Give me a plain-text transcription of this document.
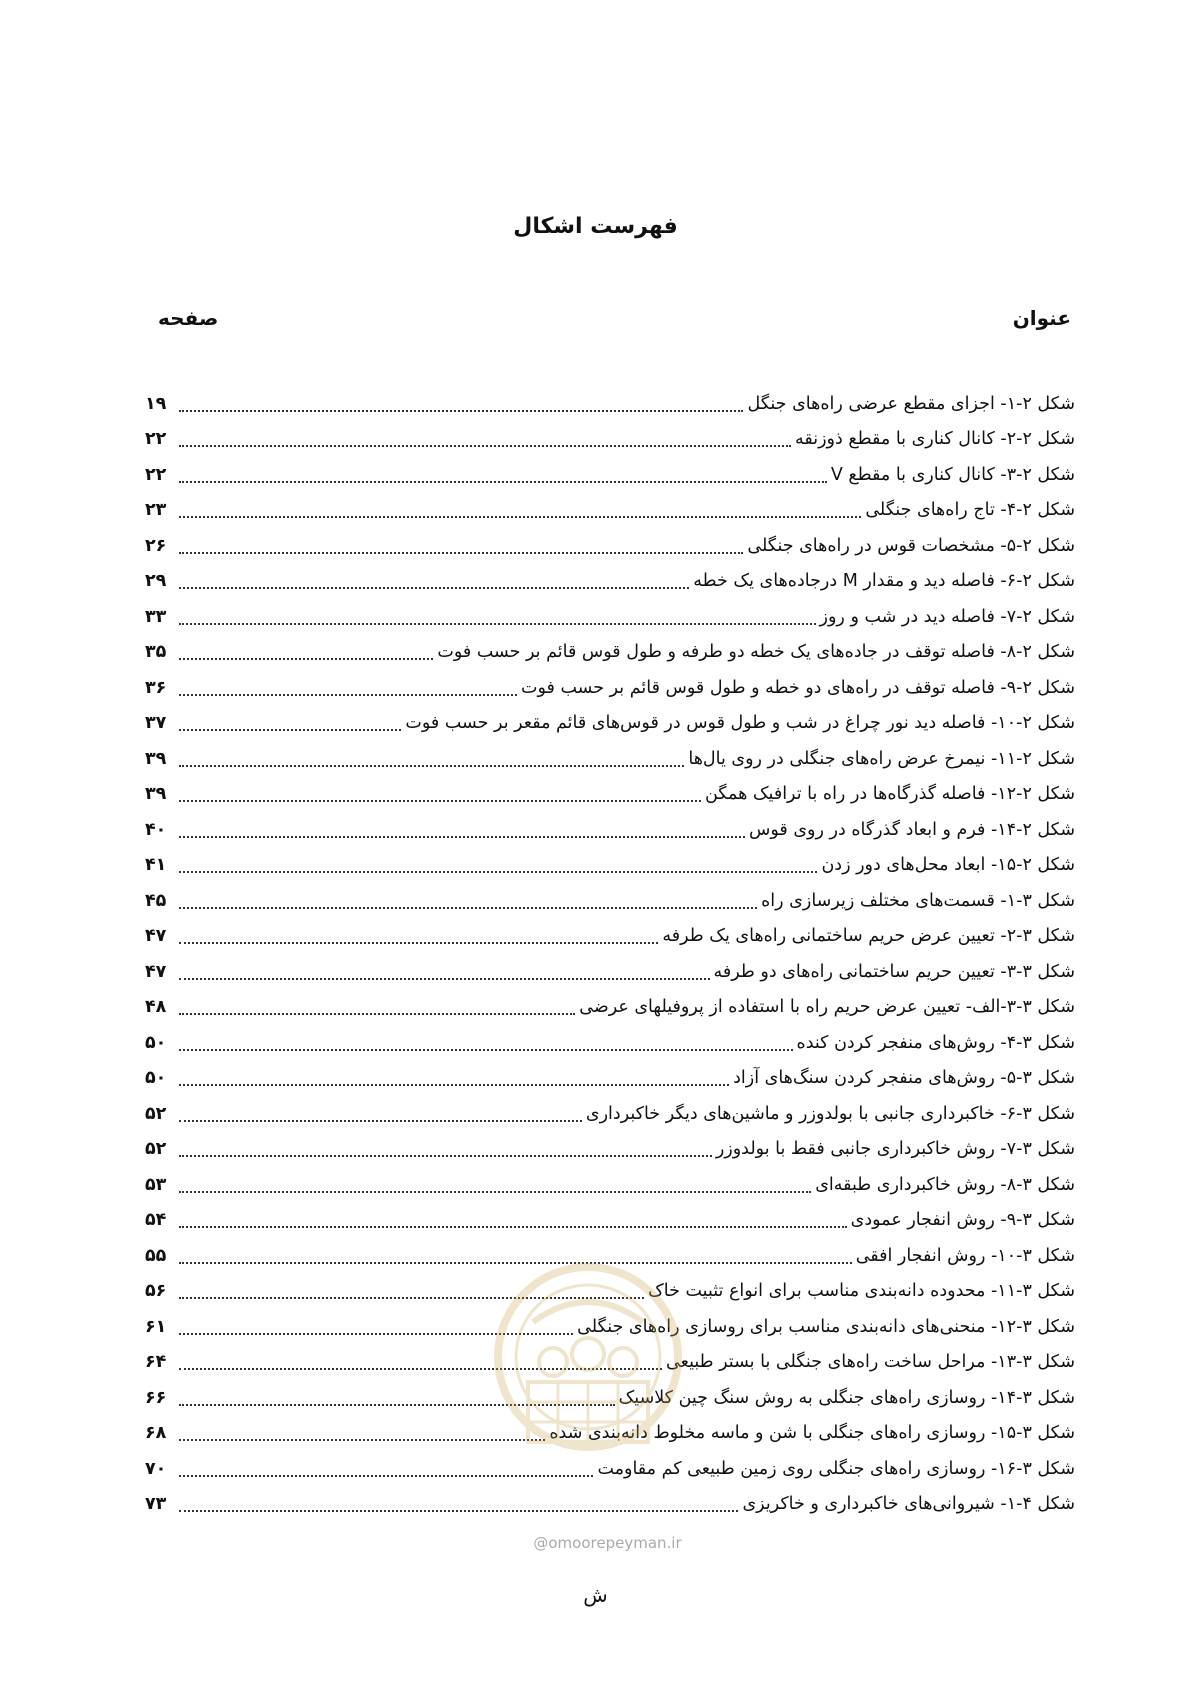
فهرست اشکال
عنوان
صفحه
شکل ۲-۱- اجزای مقطع عرضی راه‌های جنگل
۱۹
شکل ۲-۲- کانال کناری با مقطع ذوزنقه
۲۲
شکل ۲-۳- کانال کناری با مقطع V
۲۲
شکل ۲-۴- تاج راه‌های جنگلی
۲۳
شکل ۲-۵- مشخصات قوس در راه‌های جنگلی
۲۶
شکل ۲-۶- فاصله دید و مقدار M درجاده‌های یک خطه
۲۹
شکل ۲-۷- فاصله دید در شب و روز
۳۳
شکل ۲-۸- فاصله توقف در جاده‌های یک خطه دو طرفه و طول قوس قائم بر حسب فوت
۳۵
شکل ۲-۹- فاصله توقف در راه‌های دو خطه و طول قوس قائم بر حسب فوت
۳۶
شکل ۲-۱۰- فاصله دید نور چراغ در شب و طول قوس در قوس‌های قائم مقعر بر حسب فوت
۳۷
شکل ۲-۱۱- نیمرخ عرض راه‌های جنگلی در روی یال‌ها
۳۹
شکل ۲-۱۲- فاصله گذرگاه‌ها در راه با ترافیک همگن
۳۹
شکل ۲-۱۴- فرم و ابعاد گذرگاه در روی قوس
۴۰
شکل ۲-۱۵- ابعاد محل‌های دور زدن
۴۱
شکل ۳-۱- قسمت‌های مختلف زیرسازی راه
۴۵
شکل ۳-۲- تعیین عرض حریم ساختمانی راه‌های یک طرفه
۴۷
شکل ۳-۳- تعیین حریم ساختمانی راه‌های دو طرفه
۴۷
شکل ۳-۳-الف- تعیین عرض حریم راه با استفاده از پروفیلهای عرضی
۴۸
شکل ۳-۴- روش‌های منفجر کردن کنده
۵۰
شکل ۳-۵- روش‌های منفجر کردن سنگ‌های آزاد
۵۰
شکل ۳-۶- خاکبرداری جانبی با بولدوزر و ماشین‌های دیگر خاکبرداری
۵۲
شکل ۳-۷- روش خاکبرداری جانبی فقط با بولدوزر
۵۲
شکل ۳-۸- روش خاکبرداری طبقه‌ای
۵۳
شکل ۳-۹- روش انفجار عمودی
۵۴
شکل ۳-۱۰- روش انفجار افقی
۵۵
شکل ۳-۱۱- محدوده دانه‌بندی مناسب برای انواع تثبیت خاک
۵۶
شکل ۳-۱۲- منحنی‌های دانه‌بندی مناسب برای روسازی راه‌های جنگلی
۶۱
شکل ۳-۱۳- مراحل ساخت راه‌های جنگلی با بستر طبیعی
۶۴
شکل ۳-۱۴- روسازی راه‌های جنگلی به روش سنگ چین کلاسیک
۶۶
شکل ۳-۱۵- روسازی راه‌های جنگلی با شن و ماسه مخلوط دانه‌بندی شده
۶۸
شکل ۳-۱۶- روسازی راه‌های جنگلی روی زمین طبیعی کم مقاومت
۷۰
شکل ۴-۱- شیروانی‌های خاکبرداری و خاکریزی
۷۳
@omoorepeyman.ir
ش
